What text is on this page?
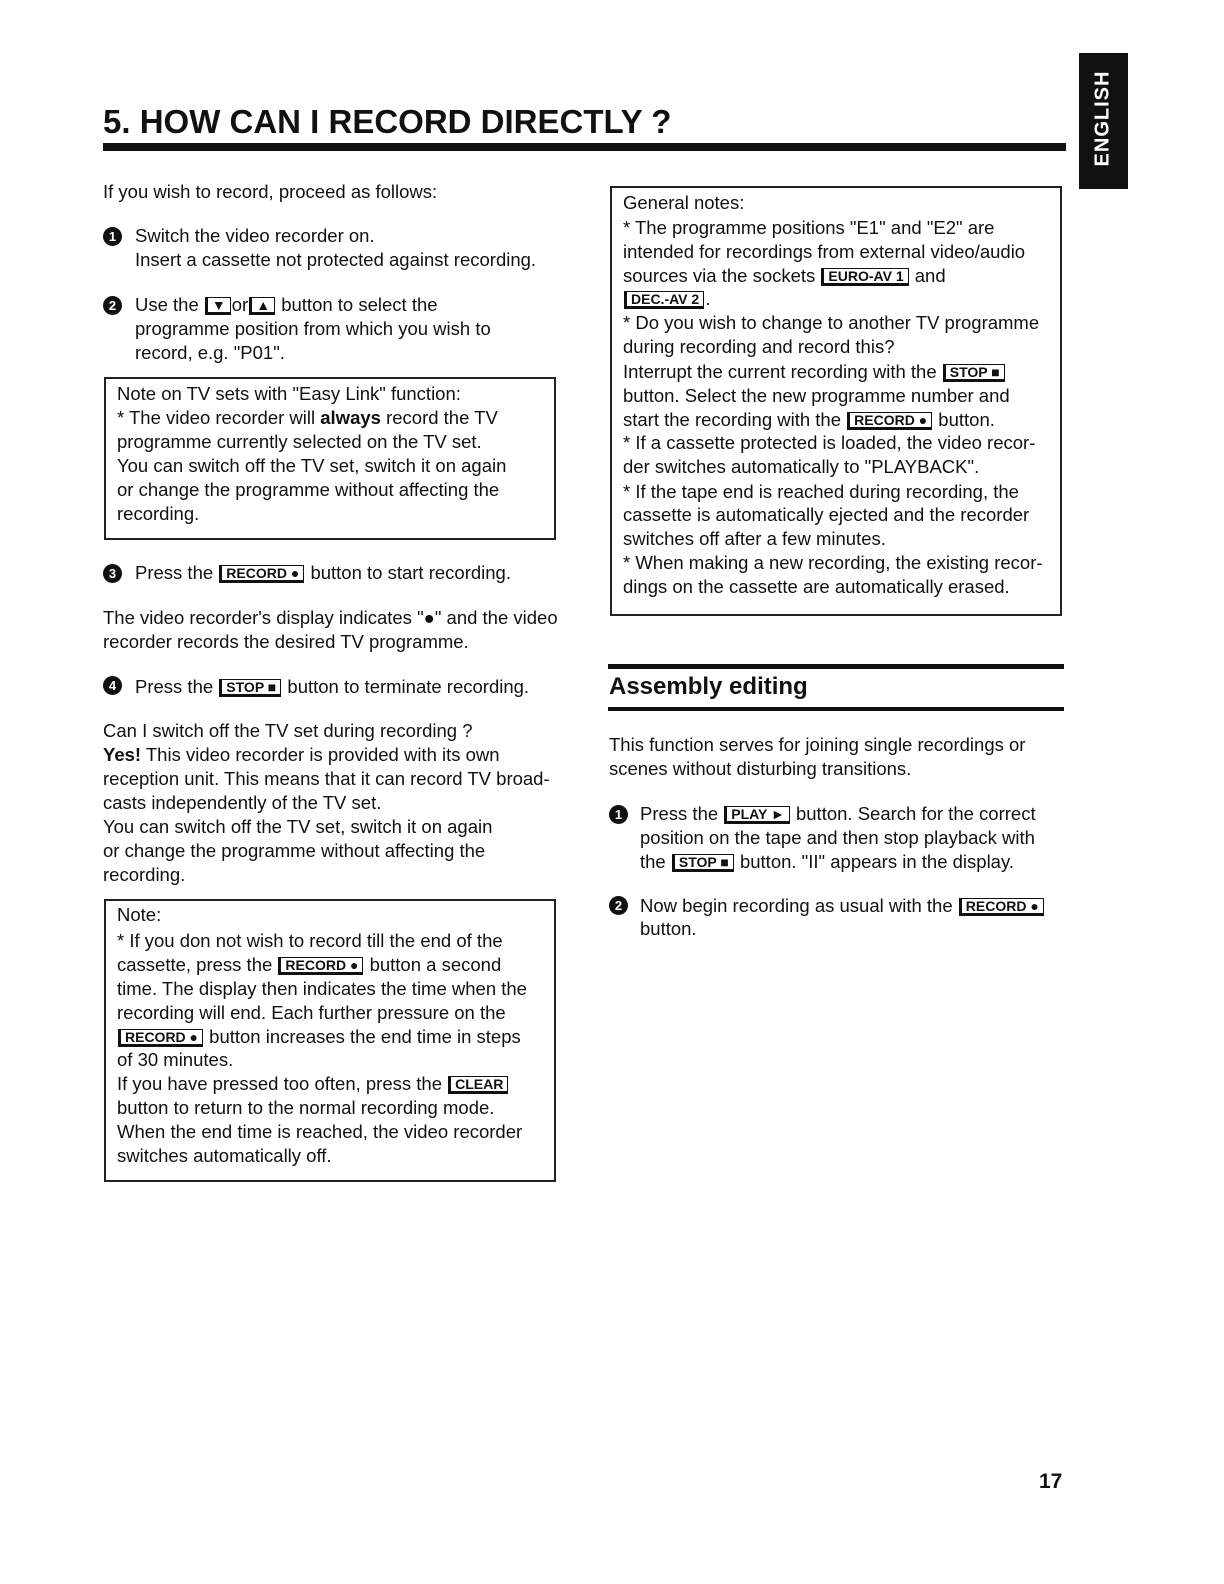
5. HOW CAN I RECORD DIRECTLY ?	ENGLISH
If you wish to record, proceed as follows:
1	Switch the video recorder on.
Insert a cassette not protected against recording.
2	Use the ▼ or ▲ button to select the
programme position from which you wish to
record, e.g. "P01".
Note on TV sets with "Easy Link" function:
* The video recorder will always record the TV
programme currently selected on the TV set.
You can switch off the TV set, switch it on again
or change the programme without affecting the
recording.
3	Press the RECORD ● button to start recording.
The video recorder's display indicates "●" and the video
recorder records the desired TV programme.
4	Press the STOP ■ button to terminate recording.
Can I switch off the TV set during recording ?
Yes! This video recorder is provided with its own
reception unit. This means that it can record TV broad-
casts independently of the TV set.
You can switch off the TV set, switch it on again
or change the programme without affecting the
recording.
Note:
* If you don not wish to record till the end of the
cassette, press the RECORD ● button a second
time. The display then indicates the time when the
recording will end. Each further pressure on the
RECORD ● button increases the end time in steps
of 30 minutes.
If you have pressed too often, press the CLEAR
button to return to the normal recording mode.
When the end time is reached, the video recorder
switches automatically off.
General notes:
* The programme positions "E1" and "E2" are
intended for recordings from external video/audio
sources via the sockets EURO-AV 1 and
DEC.-AV 2 .
* Do you wish to change to another TV programme
during recording and record this?
Interrupt the current recording with the STOP ■
button. Select the new programme number and
start the recording with the RECORD ● button.
* If a cassette protected is loaded, the video recor-
der switches automatically to "PLAYBACK".
* If the tape end is reached during recording, the
cassette is automatically ejected and the recorder
switches off after a few minutes.
* When making a new recording, the existing recor-
dings on the cassette are automatically erased.
Assembly editing
This function serves for joining single recordings or
scenes without disturbing transitions.
1 Press the PLAY ► button. Search for the correct
position on the tape and then stop playback with
the STOP ■ button. "II" appears in the display.
2 Now begin recording as usual with the RECORD ●
button.
17
